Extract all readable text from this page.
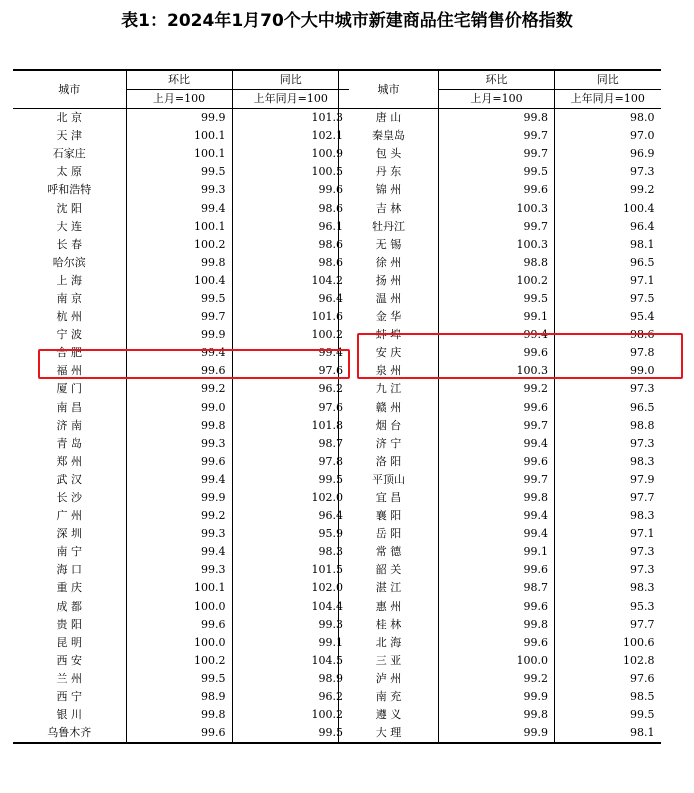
表1：2024年1月70个大中城市新建商品住宅销售价格指数
城市	环比	同比
	上月=100	上年同月=100
北 京	99.9	101.3
天 津	100.1	102.1
石家庄	100.1	100.9
太 原	99.5	100.5
呼和浩特	99.3	99.6
沈 阳	99.4	98.6
大 连	100.1	96.1
长 春	100.2	98.6
哈尔滨	99.8	98.6
上 海	100.4	104.2
南 京	99.5	96.4
杭 州	99.7	101.6
宁 波	99.9	100.2
合 肥	99.4	99.4
福 州	99.6	97.6
厦 门	99.2	96.2
南 昌	99.0	97.6
济 南	99.8	101.8
青 岛	99.3	98.7
郑 州	99.6	97.8
武 汉	99.4	99.5
长 沙	99.9	102.0
广 州	99.2	96.4
深 圳	99.3	95.9
南 宁	99.4	98.3
海 口	99.3	101.5
重 庆	100.1	102.0
成 都	100.0	104.4
贵 阳	99.6	99.3
昆 明	100.0	99.1
西 安	100.2	104.5
兰 州	99.5	98.9
西 宁	98.9	96.2
银 川	99.8	100.2
乌鲁木齐	99.6	99.5
城市	环比	同比
	上月=100	上年同月=100
唐 山	99.8	98.0
秦皇岛	99.7	97.0
包 头	99.7	96.9
丹 东	99.5	97.3
锦 州	99.6	99.2
吉 林	100.3	100.4
牡丹江	99.7	96.4
无 锡	100.3	98.1
徐 州	98.8	96.5
扬 州	100.2	97.1
温 州	99.5	97.5
金 华	99.1	95.4
蚌 埠	99.4	98.6
安 庆	99.6	97.8
泉 州	100.3	99.0
九 江	99.2	97.3
赣 州	99.6	96.5
烟 台	99.7	98.8
济 宁	99.4	97.3
洛 阳	99.6	98.3
平顶山	99.7	97.9
宜 昌	99.8	97.7
襄 阳	99.4	98.3
岳 阳	99.4	97.1
常 德	99.1	97.3
韶 关	99.6	97.3
湛 江	98.7	98.3
惠 州	99.6	95.3
桂 林	99.8	97.7
北 海	99.6	100.6
三 亚	100.0	102.8
泸 州	99.2	97.6
南 充	99.9	98.5
遵 义	99.8	99.5
大 理	99.9	98.1
